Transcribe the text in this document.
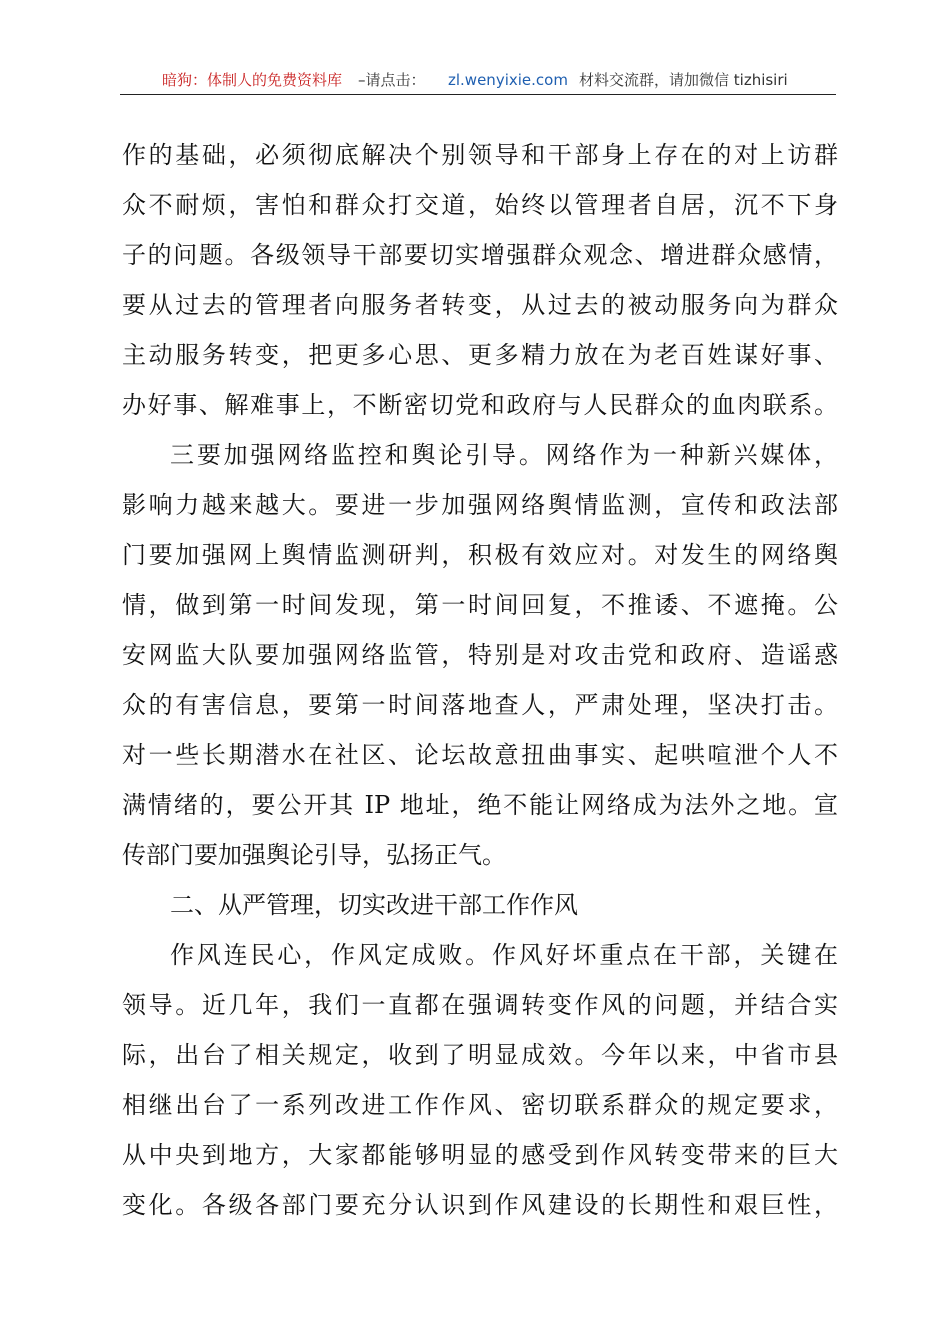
暗狗：体制人的免费资料库 –请点击： zl.wenyixie.com 材料交流群，请加微信 tizhisiri
作的基础，必须彻底解决个别领导和干部身上存在的对上访群
众不耐烦，害怕和群众打交道，始终以管理者自居，沉不下身
子的问题。各级领导干部要切实增强群众观念、增进群众感情，
要从过去的管理者向服务者转变，从过去的被动服务向为群众
主动服务转变，把更多心思、更多精力放在为老百姓谋好事、
办好事、解难事上，不断密切党和政府与人民群众的血肉联系。
三要加强网络监控和舆论引导。网络作为一种新兴媒体，
影响力越来越大。要进一步加强网络舆情监测，宣传和政法部
门要加强网上舆情监测研判，积极有效应对。对发生的网络舆
情，做到第一时间发现，第一时间回复，不推诿、不遮掩。公
安网监大队要加强网络监管，特别是对攻击党和政府、造谣惑
众的有害信息，要第一时间落地查人，严肃处理，坚决打击。
对一些长期潜水在社区、论坛故意扭曲事实、起哄喧泄个人不
满情绪的，要公开其 IP 地址，绝不能让网络成为法外之地。宣
传部门要加强舆论引导，弘扬正气。
二、从严管理，切实改进干部工作作风
作风连民心，作风定成败。作风好坏重点在干部，关键在
领导。近几年，我们一直都在强调转变作风的问题，并结合实
际，出台了相关规定，收到了明显成效。今年以来，中省市县
相继出台了一系列改进工作作风、密切联系群众的规定要求，
从中央到地方，大家都能够明显的感受到作风转变带来的巨大
变化。各级各部门要充分认识到作风建设的长期性和艰巨性，
